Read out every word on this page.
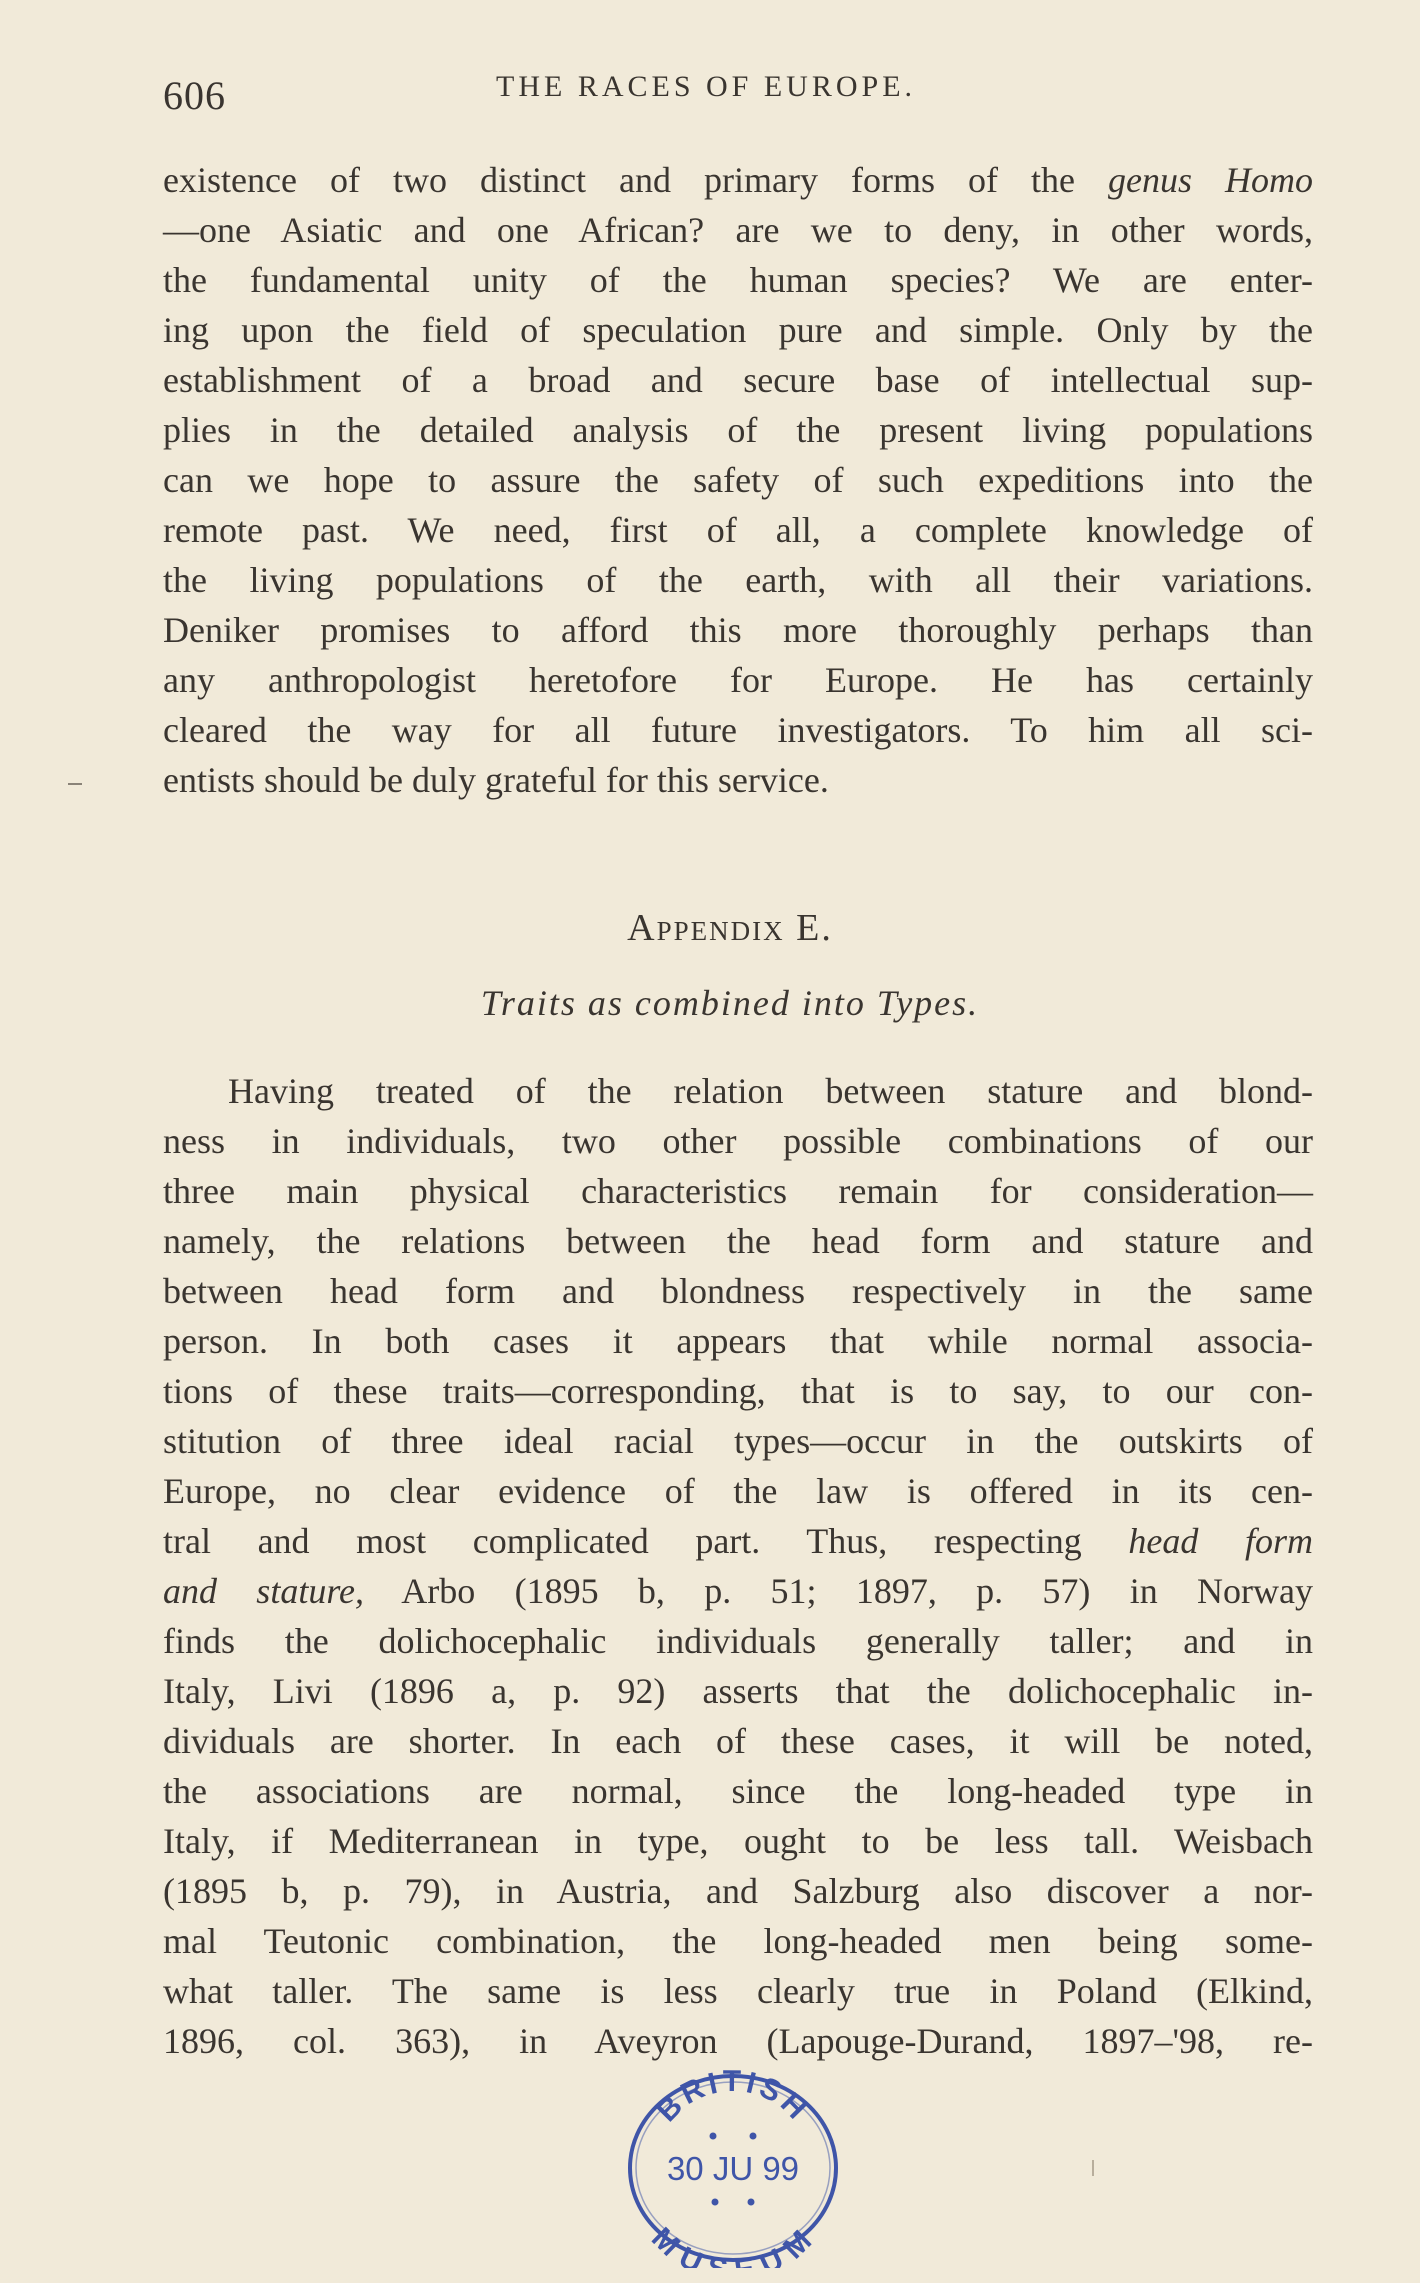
606	THE RACES OF EUROPE.
existence of two distinct and primary forms of the genus Homo
—one Asiatic and one African? are we to deny, in other words,
the fundamental unity of the human species? We are enter-
ing upon the field of speculation pure and simple. Only by the
establishment of a broad and secure base of intellectual sup-
plies in the detailed analysis of the present living populations
can we hope to assure the safety of such expeditions into the
remote past. We need, first of all, a complete knowledge of
the living populations of the earth, with all their variations.
Deniker promises to afford this more thoroughly perhaps than
any anthropologist heretofore for Europe. He has certainly
cleared the way for all future investigators. To him all sci-
entists should be duly grateful for this service.
Appendix E.
Traits as combined into Types.
Having treated of the relation between stature and blond-
ness in individuals, two other possible combinations of our
three main physical characteristics remain for consideration—
namely, the relations between the head form and stature and
between head form and blondness respectively in the same
person. In both cases it appears that while normal associa-
tions of these traits—corresponding, that is to say, to our con-
stitution of three ideal racial types—occur in the outskirts of
Europe, no clear evidence of the law is offered in its cen-
tral and most complicated part. Thus, respecting head form
and stature, Arbo (1895 b, p. 51; 1897, p. 57) in Norway
finds the dolichocephalic individuals generally taller; and in
Italy, Livi (1896 a, p. 92) asserts that the dolichocephalic in-
dividuals are shorter. In each of these cases, it will be noted,
the associations are normal, since the long-headed type in
Italy, if Mediterranean in type, ought to be less tall. Weisbach
(1895 b, p. 79), in Austria, and Salzburg also discover a nor-
mal Teutonic combination, the long-headed men being some-
what taller. The same is less clearly true in Poland (Elkind,
1896, col. 363), in Aveyron (Lapouge-Durand, 1897–'98, re-
BRITISH
30 JU 99
MU UM
